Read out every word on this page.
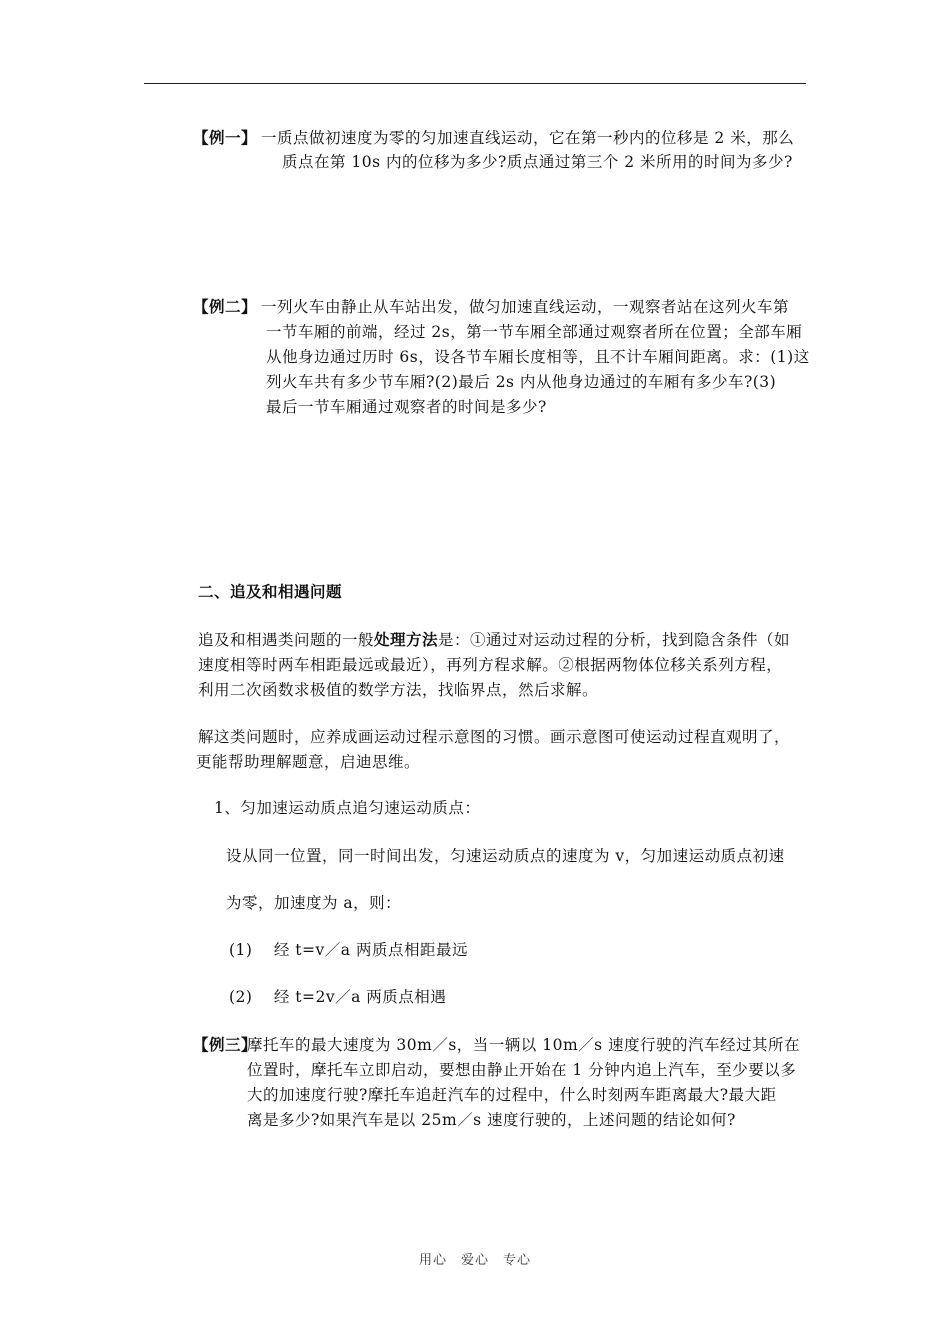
【例一】 一质点做初速度为零的匀加速直线运动，它在第一秒内的位移是 2 米，那么
质点在第 10s 内的位移为多少?质点通过第三个 2 米所用的时间为多少?
【例二】 一列火车由静止从车站出发，做匀加速直线运动，一观察者站在这列火车第
一节车厢的前端，经过 2s，第一节车厢全部通过观察者所在位置；全部车厢
从他身边通过历时 6s，设各节车厢长度相等，且不计车厢间距离。求：(1)这
列火车共有多少节车厢?(2)最后 2s 内从他身边通过的车厢有多少车?(3)
最后一节车厢通过观察者的时间是多少?
二、追及和相遇问题
追及和相遇类问题的一般处理方法是：①通过对运动过程的分析，找到隐含条件（如
速度相等时两车相距最远或最近），再列方程求解。②根据两物体位移关系列方程，
利用二次函数求极值的数学方法，找临界点，然后求解。
解这类问题时，应养成画运动过程示意图的习惯。画示意图可使运动过程直观明了，
更能帮助理解题意，启迪思维。
1、匀加速运动质点追匀速运动质点：
设从同一位置，同一时间出发，匀速运动质点的速度为 v，匀加速运动质点初速
为零，加速度为 a，则：
(1)　 经 t=v／a 两质点相距最远
(2)　 经 t=2v／a 两质点相遇
【例三】
摩托车的最大速度为 30m／s，当一辆以 10m／s 速度行驶的汽车经过其所在
位置时，摩托车立即启动，要想由静止开始在 1 分钟内追上汽车，至少要以多
大的加速度行驶?摩托车追赶汽车的过程中，什么时刻两车距离最大?最大距
离是多少?如果汽车是以 25m／s 速度行驶的，上述问题的结论如何?
用心　爱心　专心
